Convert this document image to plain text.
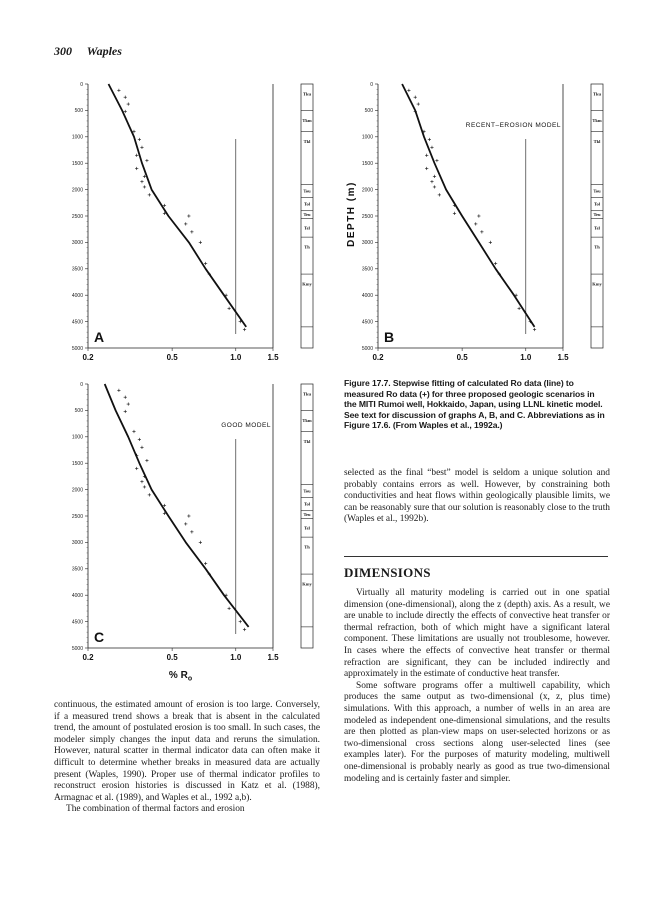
300 Waples
0
500
1000
1500
2000
2500
3000
3500
4000
4500
5000
0.2	0.5	1.0	1.5
A
Tku
Tkm
Tkl
Tou
Tol
Teu
Tel
Th
Kmy
0
500
1000
1500
2000
2500
3000
3500
4000
4500
5000
0.2	0.5	1.0	1.5
B
RECENT–EROSION MODEL
Tku
Tkm
Tkl
Tou
Tol
Teu
Tel
Th
Kmy
DEPTH (m)
0
500
1000
1500
2000
2500
3000
3500
4000
4500
5000
0.2	0.5	1.0	1.5
C
GOOD MODEL
Tku
Tkm
Tkl
Tou
Tol
Teu
Tel
Th
Kmy
% $R_o$

Figure 17.7. Stepwise fitting of calculated Ro data (line) to measured Ro data (+) for three proposed geologic scenarios in the MITI Rumoi well, Hokkaido, Japan, using LLNL kinetic model. See text for discussion of graphs A, B, and C. Abbreviations as in Figure 17.6. (From Waples et al., 1992a.)

selected as the final “best” model is seldom a unique solution and probably contains errors as well. However, by constraining both conductivities and heat flows within geologically plausible limits, we can be reasonably sure that our solution is reasonably close to the truth (Waples et al., 1992b).

DIMENSIONS

Virtually all maturity modeling is carried out in one spatial dimension (one-dimensional), along the z (depth) axis. As a result, we are unable to include directly the effects of convective heat transfer or thermal refraction, both of which might have a significant lateral component. These limitations are usually not troublesome, however. In cases where the effects of convective heat transfer or thermal refraction are significant, they can be included indirectly and approximately in the estimate of conductive heat transfer.

Some software programs offer a multiwell capability, which produces the same output as two-dimensional (x, z, plus time) simulations. With this approach, a number of wells in an area are modeled as independent one-dimensional simulations, and the results are then plotted as plan-view maps on user-selected horizons or as two-dimensional cross sections along user-selected lines (see examples later). For the purposes of maturity modeling, multiwell one-dimensional is probably nearly as good as true two-dimensional modeling and is certainly faster and simpler.

continuous, the estimated amount of erosion is too large. Conversely, if a measured trend shows a break that is absent in the calculated trend, the amount of postulated erosion is too small. In such cases, the modeler simply changes the input data and reruns the simulation. However, natural scatter in thermal indicator data can often make it difficult to determine whether breaks in measured data are actually present (Waples, 1990). Proper use of thermal indicator profiles to reconstruct erosion histories is discussed in Katz et al. (1988), Armagnac et al. (1989), and Waples et al., 1992 a,b).

The combination of thermal factors and erosion
